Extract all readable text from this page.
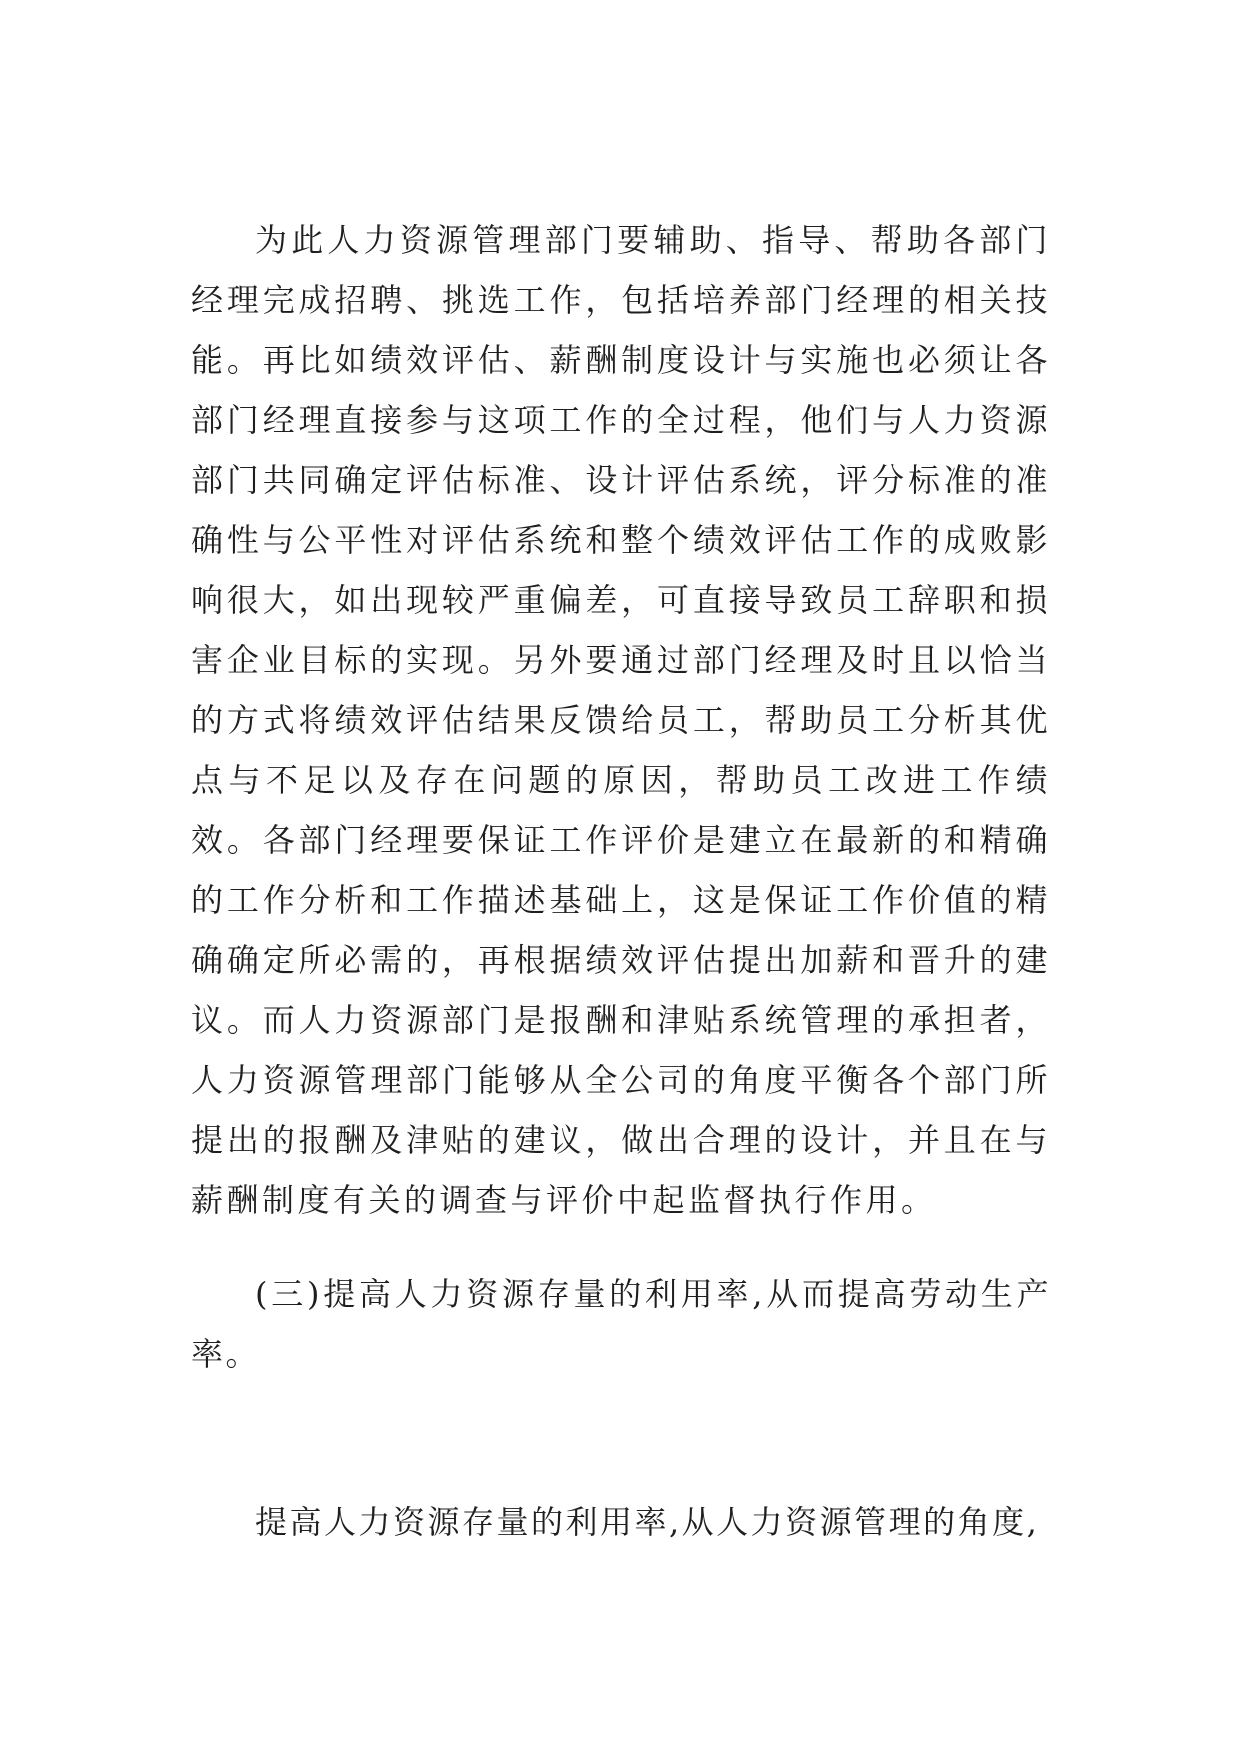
为此人力资源管理部门要辅助、指导、帮助各部门经理完成招聘、挑选工作，包括培养部门经理的相关技能。再比如绩效评估、薪酬制度设计与实施也必须让各部门经理直接参与这项工作的全过程，他们与人力资源部门共同确定评估标准、设计评估系统，评分标准的准确性与公平性对评估系统和整个绩效评估工作的成败影响很大，如出现较严重偏差，可直接导致员工辞职和损害企业目标的实现。另外要通过部门经理及时且以恰当的方式将绩效评估结果反馈给员工，帮助员工分析其优点与不足以及存在问题的原因，帮助员工改进工作绩效。各部门经理要保证工作评价是建立在最新的和精确的工作分析和工作描述基础上，这是保证工作价值的精确确定所必需的，再根据绩效评估提出加薪和晋升的建议。而人力资源部门是报酬和津贴系统管理的承担者，人力资源管理部门能够从全公司的角度平衡各个部门所提出的报酬及津贴的建议，做出合理的设计，并且在与薪酬制度有关的调查与评价中起监督执行作用。

(三)提高人力资源存量的利用率,从而提高劳动生产率。

提高人力资源存量的利用率,从人力资源管理的角度,
